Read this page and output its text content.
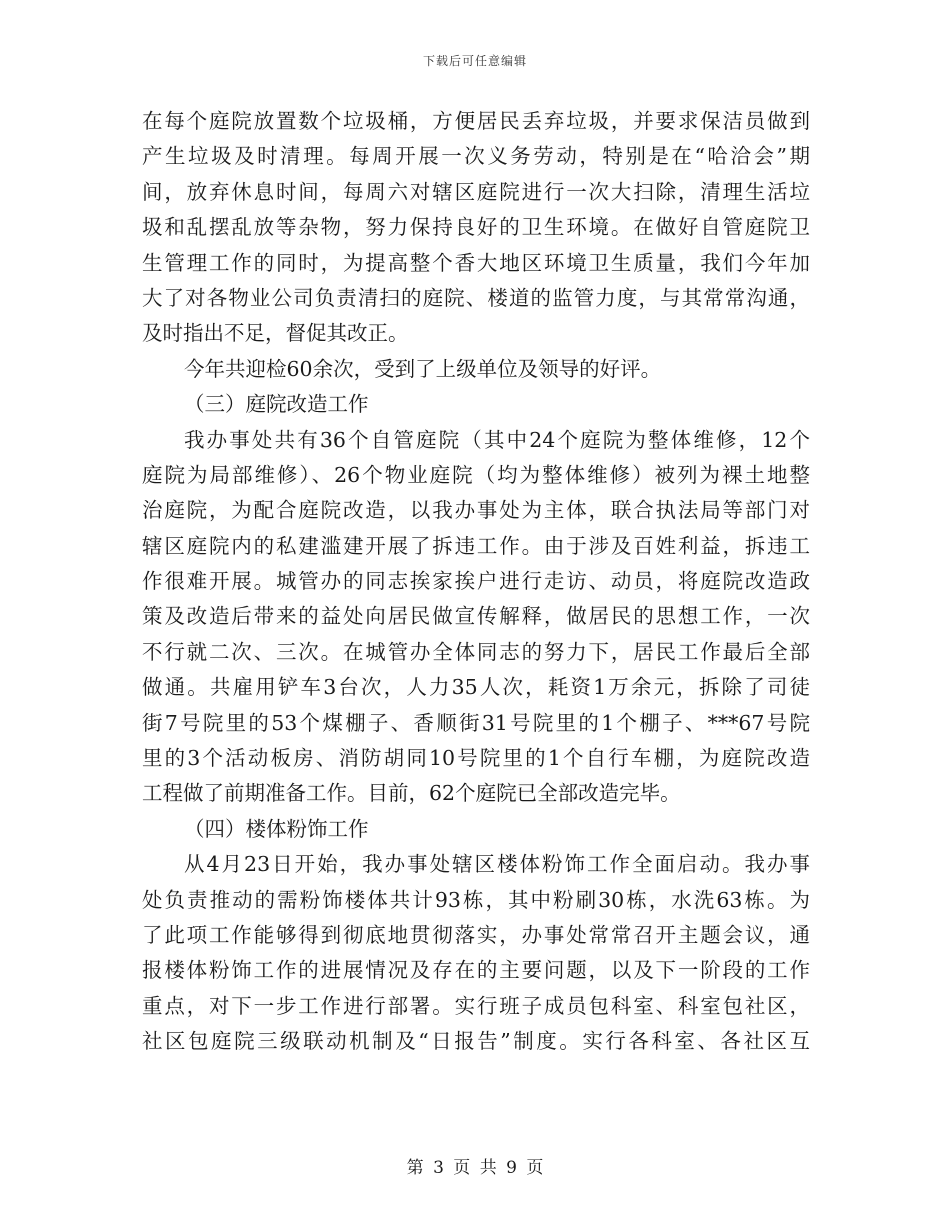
下载后可任意编辑
在每个庭院放置数个垃圾桶，方便居民丢弃垃圾，并要求保洁员做到
产生垃圾及时清理。每周开展一次义务劳动，特别是在“哈洽会”期
间，放弃休息时间，每周六对辖区庭院进行一次大扫除，清理生活垃
圾和乱摆乱放等杂物，努力保持良好的卫生环境。在做好自管庭院卫
生管理工作的同时，为提高整个香大地区环境卫生质量，我们今年加
大了对各物业公司负责清扫的庭院、楼道的监管力度，与其常常沟通，
及时指出不足，督促其改正。
今年共迎检60余次，受到了上级单位及领导的好评。
（三）庭院改造工作
我办事处共有36个自管庭院（其中24个庭院为整体维修，12个
庭院为局部维修）、26个物业庭院（均为整体维修）被列为裸土地整
治庭院，为配合庭院改造，以我办事处为主体，联合执法局等部门对
辖区庭院内的私建滥建开展了拆违工作。由于涉及百姓利益，拆违工
作很难开展。城管办的同志挨家挨户进行走访、动员，将庭院改造政
策及改造后带来的益处向居民做宣传解释，做居民的思想工作，一次
不行就二次、三次。在城管办全体同志的努力下，居民工作最后全部
做通。共雇用铲车3台次，人力35人次，耗资1万余元，拆除了司徒
街7号院里的53个煤棚子、香顺街31号院里的1个棚子、***67号院
里的3个活动板房、消防胡同10号院里的1个自行车棚，为庭院改造
工程做了前期准备工作。目前，62个庭院已全部改造完毕。
（四）楼体粉饰工作
从4月23日开始，我办事处辖区楼体粉饰工作全面启动。我办事
处负责推动的需粉饰楼体共计93栋，其中粉刷30栋，水洗63栋。为
了此项工作能够得到彻底地贯彻落实，办事处常常召开主题会议，通
报楼体粉饰工作的进展情况及存在的主要问题，以及下一阶段的工作
重点，对下一步工作进行部署。实行班子成员包科室、科室包社区，
社区包庭院三级联动机制及“日报告”制度。实行各科室、各社区互
第 3 页 共 9 页
